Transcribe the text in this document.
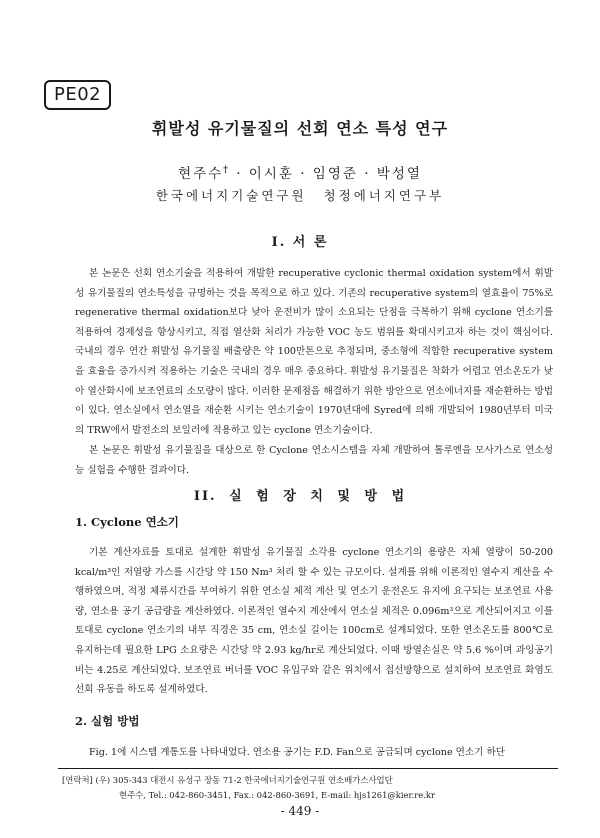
PE02
휘발성 유기물질의 선회 연소 특성 연구
현주수† · 이시훈 · 임영준 · 박성열
한국에너지기술연구원 청정에너지연구부
I. 서 론

본 논문은 선회 연소기술을 적용하여 개발한 recuperative cyclonic thermal oxidation system에서 휘발성 유기물질의 연소특성을 규명하는 것을 목적으로 하고 있다. 기존의 recuperative system의 열효율이 75%로 regenerative thermal oxidation보다 낮아 운전비가 많이 소요되는 단점을 극복하기 위해 cyclone 연소기를 적용하여 경제성을 향상시키고, 직접 열산화 처리가 가능한 VOC 농도 범위를 확대시키고자 하는 것이 핵심이다. 국내의 경우 연간 휘발성 유기물질 배출량은 약 100만톤으로 추정되며, 중소형에 적합한 recuperative system을 효율을 증가시켜 적용하는 기술은 국내의 경우 매우 중요하다. 휘발성 유기물질은 착화가 어렵고 연소온도가 낮아 열산화시에 보조연료의 소모량이 많다. 이러한 문제점을 해결하기 위한 방안으로 연소에너지를 재순환하는 방법이 있다. 연소실에서 연소열을 재순환 시키는 연소기술이 1970년대에 Syred에 의해 개발되어 1980년부터 미국의 TRW에서 발전소의 보일러에 적용하고 있는 cyclone 연소기술이다.

본 논문은 휘발성 유기물질을 대상으로 한 Cyclone 연소시스템을 자체 개발하여 톨루엔을 모사가스로 연소성능 실험을 수행한 결과이다.

II. 실 험 장 치 및 방 법
1. Cyclone 연소기

기본 계산자료를 토대로 설계한 휘발성 유기물질 소각용 cyclone 연소기의 용량은 자체 열량이 50-200 kcal/m³인 저열량 가스를 시간당 약 150 Nm³ 처리 할 수 있는 규모이다. 설계를 위해 이론적인 열수지 계산을 수행하였으며, 적정 체류시간을 부여하기 위한 연소실 체적 계산 및 연소기 운전온도 유지에 요구되는 보조연료 사용량, 연소용 공기 공급량을 계산하였다. 이론적인 열수지 계산에서 연소실 체적은 0.096m³으로 계산되어지고 이를 토대로 cyclone 연소기의 내부 직경은 35 cm, 연소실 길이는 100cm로 설계되었다. 또한 연소온도를 800℃로 유지하는데 필요한 LPG 소요량은 시간당 약 2.93 kg/hr로 계산되었다. 이때 방열손실은 약 5.6 %이며 과잉공기비는 4.25로 계산되었다. 보조연료 버너를 VOC 유입구와 같은 위치에서 접선방향으로 설치하여 보조연료 화염도 선회 유동을 하도록 설계하였다.

2. 실험 방법

Fig. 1에 시스템 계통도를 나타내었다. 연소용 공기는 F.D. Fan으로 공급되며 cyclone 연소기 하단

[연락처] (우) 305-343 대전시 유성구 장동 71-2 한국에너지기술연구원 연소배가스사업단

현주수, Tel.: 042-860-3451, Fax.: 042-860-3691, E-mail: hjs1261@kier.re.kr

- 449 -
